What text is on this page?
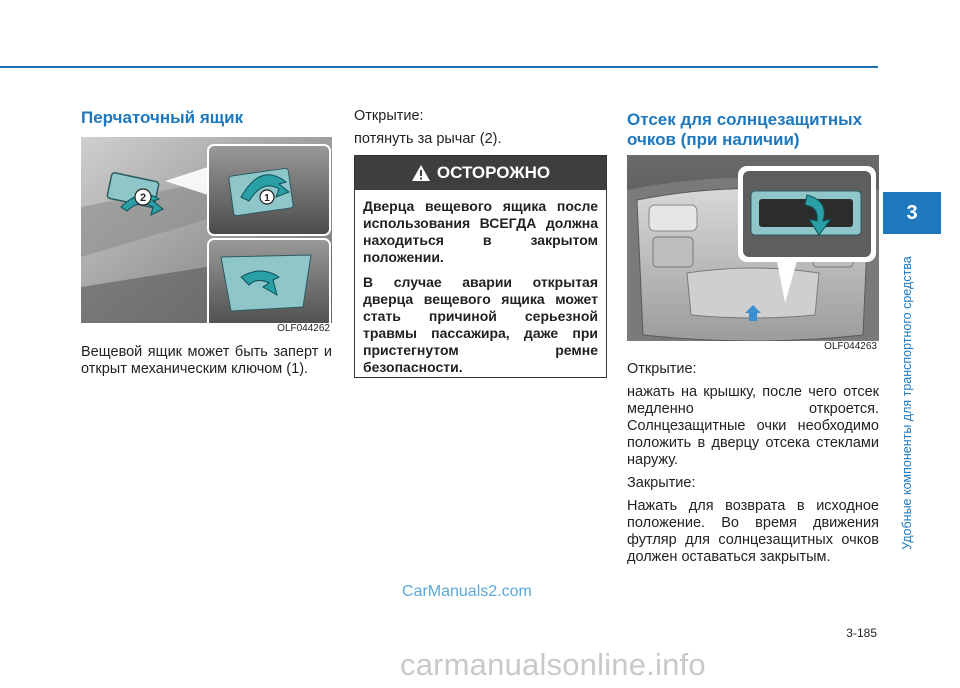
Перчаточный ящик
2	1
OLF044262
Вещевой ящик может быть заперт и открыт механическим ключом (1).

Открытие:

потянуть за рычаг (2).

ОСТОРОЖНО

Дверца вещевого ящика после использования ВСЕГДА должна находиться в закрытом положении.

В случае аварии открытая дверца вещевого ящика может стать причиной серьезной травмы пассажира, даже при пристегнутом ремне безопасности.

Отсек для солнцезащитных очков (при наличии)
OLF044263

Открытие:

нажать на крышку, после чего отсек медленно откроется. Солнцезащитные очки необходимо положить в дверцу отсека стеклами наружу.

Закрытие:

Нажать для возврата в исходное положение. Во время движения футляр для солнцезащитных очков должен оставаться закрытым.

3
Удобные компоненты для транспортного средства
CarManuals2.com
3-185
carmanualsonline.info
